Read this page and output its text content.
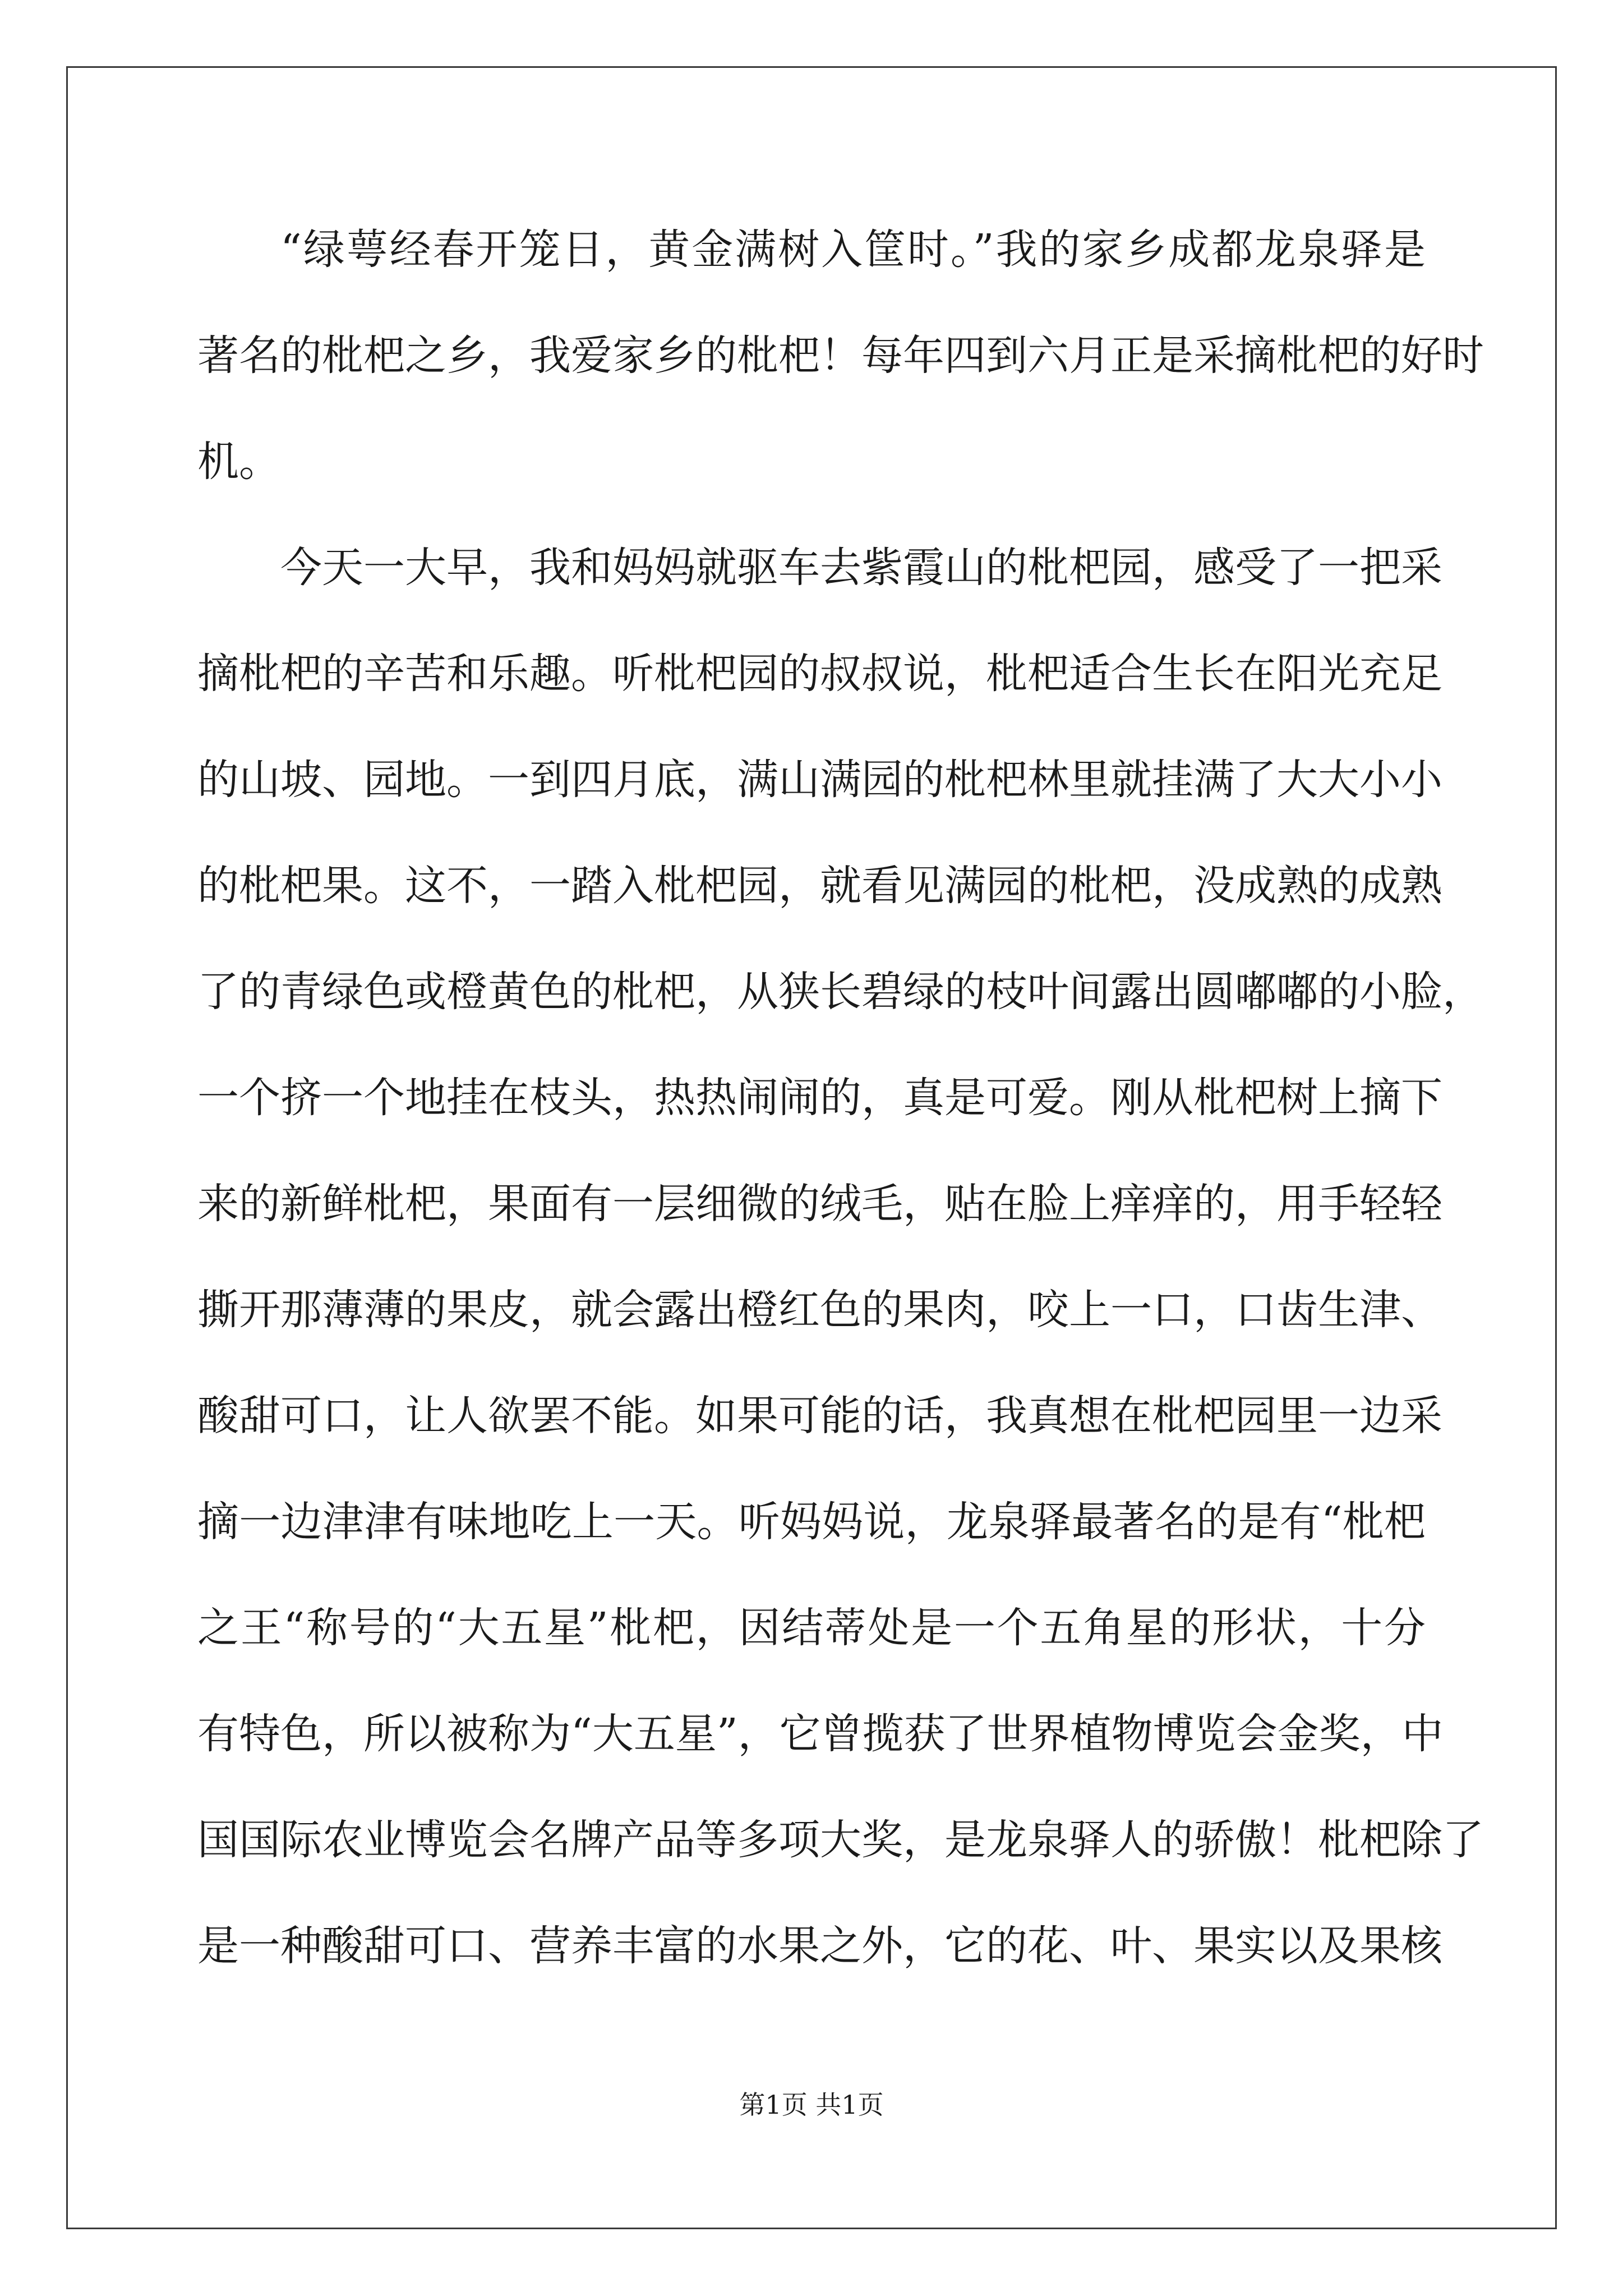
“绿萼经春开笼日，黄金满树入筐时。”我的家乡成都龙泉驿是
著名的枇杷之乡，我爱家乡的枇杷！每年四到六月正是采摘枇杷的好时
机。
今天一大早，我和妈妈就驱车去紫霞山的枇杷园，感受了一把采
摘枇杷的辛苦和乐趣。听枇杷园的叔叔说，枇杷适合生长在阳光充足
的山坡、园地。一到四月底，满山满园的枇杷林里就挂满了大大小小
的枇杷果。这不，一踏入枇杷园，就看见满园的枇杷，没成熟的成熟
了的青绿色或橙黄色的枇杷，从狭长碧绿的枝叶间露出圆嘟嘟的小脸，
一个挤一个地挂在枝头，热热闹闹的，真是可爱。刚从枇杷树上摘下
来的新鲜枇杷，果面有一层细微的绒毛，贴在脸上痒痒的，用手轻轻
撕开那薄薄的果皮，就会露出橙红色的果肉，咬上一口，口齿生津、
酸甜可口，让人欲罢不能。如果可能的话，我真想在枇杷园里一边采
摘一边津津有味地吃上一天。听妈妈说，龙泉驿最著名的是有“枇杷
之王“称号的“大五星”枇杷，因结蒂处是一个五角星的形状，十分
有特色，所以被称为“大五星”，它曾揽获了世界植物博览会金奖，中
国国际农业博览会名牌产品等多项大奖，是龙泉驿人的骄傲！枇杷除了
是一种酸甜可口、营养丰富的水果之外，它的花、叶、果实以及果核
第1页 共1页
